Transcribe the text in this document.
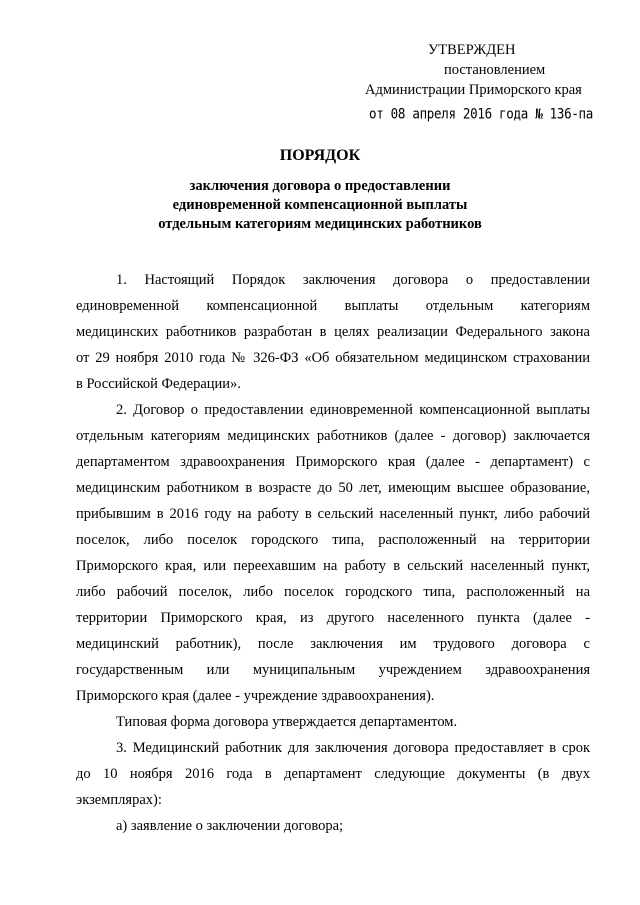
УТВЕРЖДЕН
постановлением
Администрации Приморского края
от 08 апреля 2016 года № 136-па
ПОРЯДОК
заключения договора о предоставлении
единовременной компенсационной выплаты
отдельным категориям медицинских работников
1. Настоящий Порядок заключения договора о предоставлении
единовременной компенсационной выплаты отдельным категориям
медицинских работников разработан в целях реализации Федерального закона
от 29 ноября 2010 года № 326-ФЗ «Об обязательном медицинском страховании
в Российской Федерации».
2. Договор о предоставлении единовременной компенсационной выплаты
отдельным категориям медицинских работников (далее - договор) заключается
департаментом здравоохранения Приморского края (далее - департамент) с
медицинским работником в возрасте до 50 лет, имеющим высшее образование,
прибывшим в 2016 году на работу в сельский населенный пункт, либо рабочий
поселок, либо поселок городского типа, расположенный на территории
Приморского края, или переехавшим на работу в сельский населенный пункт,
либо рабочий поселок, либо поселок городского типа, расположенный на
территории Приморского края, из другого населенного пункта (далее -
медицинский работник), после заключения им трудового договора с
государственным или муниципальным учреждением здравоохранения
Приморского края (далее - учреждение здравоохранения).
Типовая форма договора утверждается департаментом.
3. Медицинский работник для заключения договора предоставляет в срок
до 10 ноября 2016 года в департамент следующие документы (в двух
экземплярах):
а) заявление о заключении договора;
